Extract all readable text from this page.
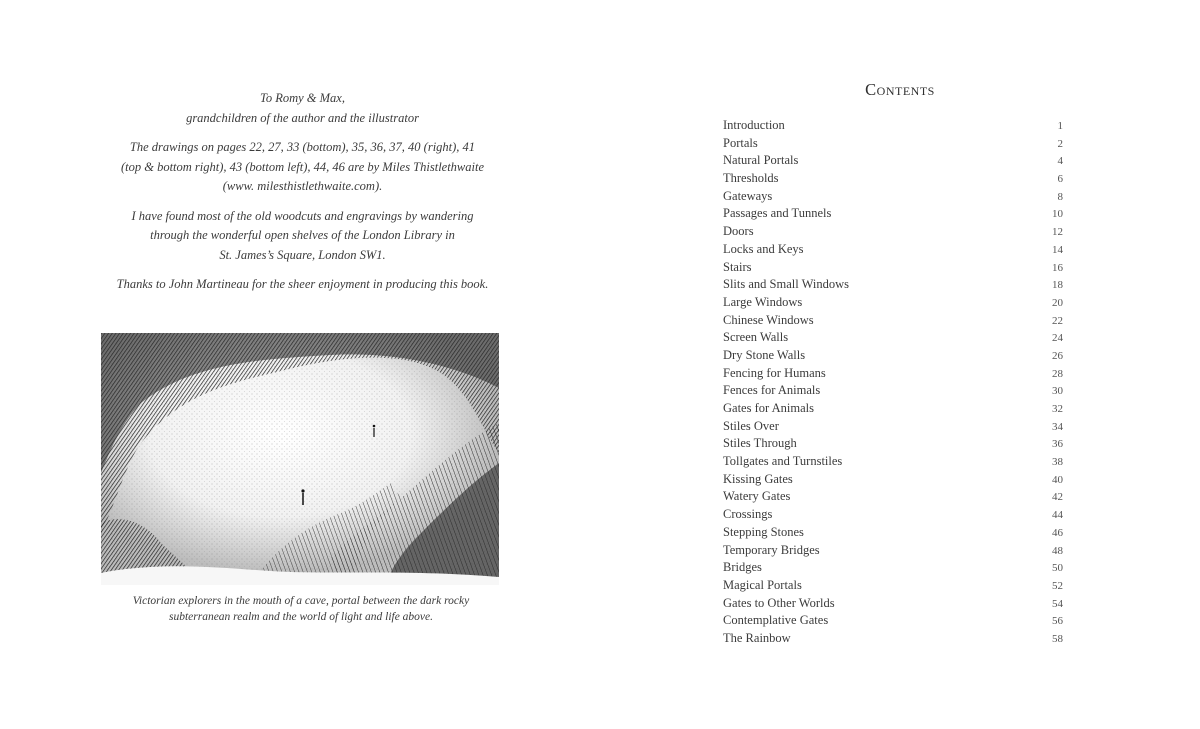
To Romy & Max,
grandchildren of the author and the illustrator

The drawings on pages 22, 27, 33 (bottom), 35, 36, 37, 40 (right), 41
(top & bottom right), 43 (bottom left), 44, 46 are by Miles Thistlethwaite
(www. milesthistlethwaite.com).

I have found most of the old woodcuts and engravings by wandering
through the wonderful open shelves of the London Library in
St. James’s Square, London SW1.

Thanks to John Martineau for the sheer enjoyment in producing this book.

Victorian explorers in the mouth of a cave, portal between the dark rocky
subterranean realm and the world of light and life above.
Contents
Introduction	1
Portals	2
Natural Portals	4
Thresholds	6
Gateways	8
Passages and Tunnels	10
Doors	12
Locks and Keys	14
Stairs	16
Slits and Small Windows	18
Large Windows	20
Chinese Windows	22
Screen Walls	24
Dry Stone Walls	26
Fencing for Humans	28
Fences for Animals	30
Gates for Animals	32
Stiles Over	34
Stiles Through	36
Tollgates and Turnstiles	38
Kissing Gates	40
Watery Gates	42
Crossings	44
Stepping Stones	46
Temporary Bridges	48
Bridges	50
Magical Portals	52
Gates to Other Worlds	54
Contemplative Gates	56
The Rainbow	58
